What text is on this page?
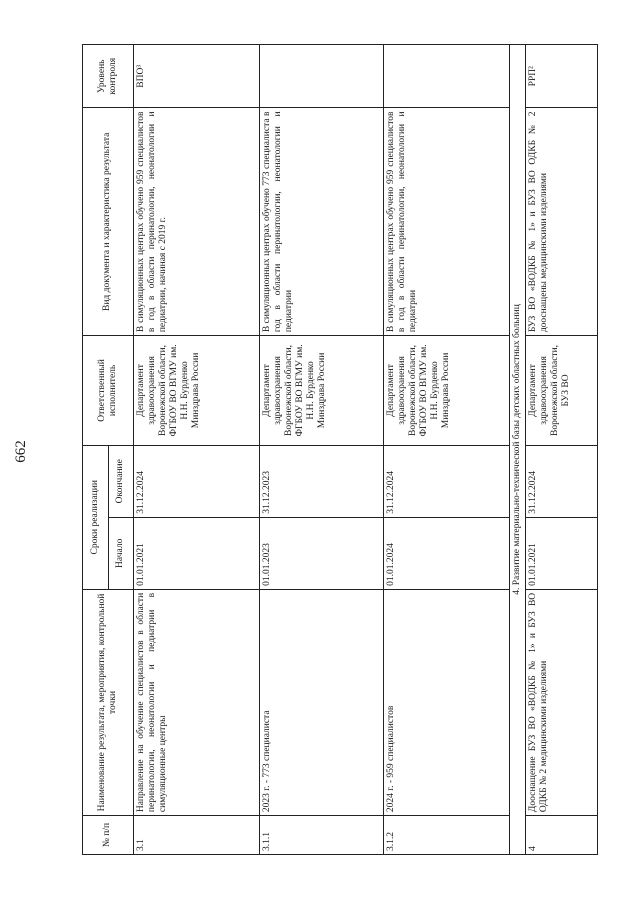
662
№ п/п	Наименование результата, мероприятия, контрольной точки	Сроки реализации		Ответственный исполнитель	Вид документа и характеристика результата	Уровень контроля
		Начало	Окончание			
3.1	Направление на обучение специалистов в области перинатологии, неонатологии и педиатрии в симуляционные центры	01.01.2021	31.12.2024	Департамент здравоохранения Воронежской области, ФГБОУ ВО ВГМУ им. Н.Н. Бурденко Минздрава России	В симуляционных центрах обучено 959 специалистов в год в области перинатологии, неонатологии и педиатрии, начиная с 2019 г.	ВПО³
3.1.1	2023 г. - 773 специалиста	01.01.2023	31.12.2023	Департамент здравоохранения Воронежской области, ФГБОУ ВО ВГМУ им. Н.Н. Бурденко Минздрава России	В симуляционных центрах обучено 773 специалиста в год в области перинатологии, неонатологии и педиатрии	
3.1.2	2024 г. - 959 специалистов	01.01.2024	31.12.2024	Департамент здравоохранения Воронежской области, ФГБОУ ВО ВГМУ им. Н.Н. Бурденко Минздрава России	В симуляционных центрах обучено 959 специалистов в год в области перинатологии, неонатологии и педиатрии	
4. Развитие материально-технической базы детских областных больниц						
4	Дооснащение БУЗ ВО «ВОДКБ № 1» и БУЗ ВО ОДКБ № 2 медицинскими изделиями	01.01.2021	31.12.2024	Департамент здравоохранения Воронежской области, БУЗ ВО	БУЗ ВО «ВОДКБ № 1» и БУЗ ВО ОДКБ № 2 дооснащены медицинскими изделиями	РРП²
